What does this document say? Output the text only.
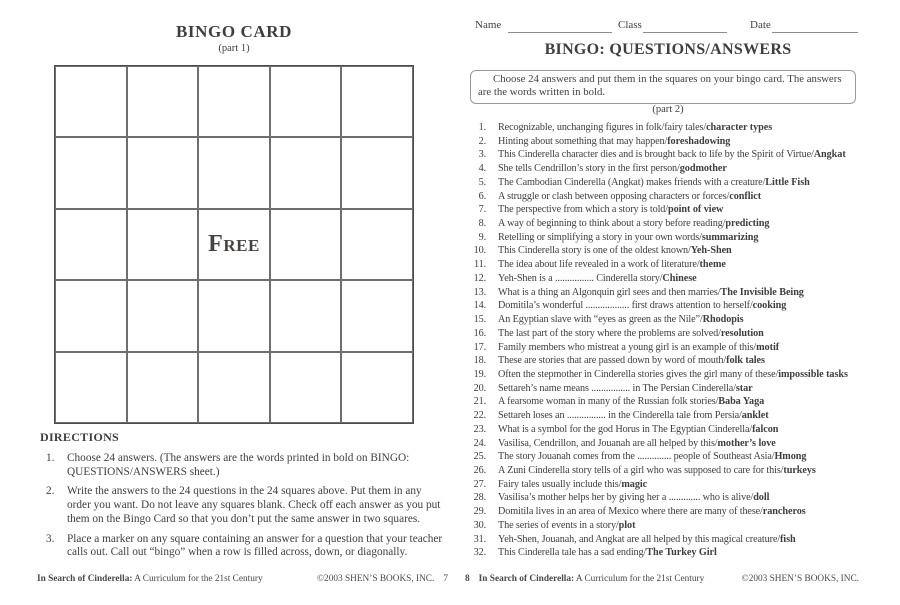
BINGO CARD
(part 1)
Free
DIRECTIONS
1.	Choose 24 answers. (The answers are the words printed in bold on BINGO: QUESTIONS/ANSWERS sheet.)
2.	Write the answers to the 24 questions in the 24 squares above. Put them in any order you want. Do not leave any squares blank. Check off each answer as you put them on the Bingo Card so that you don’t put the same answer in two squares.
3.	Place a marker on any square containing an answer for a question that your teacher calls out. Call out “bingo” when a row is filled across, down, or diagonally.
In Search of Cinderella: A Curriculum for the 21st Century	©2003 SHEN’S BOOKS, INC. 7
Name	Class	Date
BINGO: QUESTIONS/ANSWERS
Choose 24 answers and put them in the squares on your bingo card. The answers are the words written in bold.
(part 2)
1. Recognizable, unchanging figures in folk/fairy tales/character types
2. Hinting about something that may happen/foreshadowing
3. This Cinderella character dies and is brought back to life by the Spirit of Virtue/Angkat
4. She tells Cendrillon’s story in the first person/godmother
5. The Cambodian Cinderella (Angkat) makes friends with a creature/Little Fish
6. A struggle or clash between opposing characters or forces/conflict
7. The perspective from which a story is told/point of view
8. A way of beginning to think about a story before reading/predicting
9. Retelling or simplifying a story in your own words/summarizing
10. This Cinderella story is one of the oldest known/Yeh-Shen
11. The idea about life revealed in a work of literature/theme
12. Yeh-Shen is a ................ Cinderella story/Chinese
13. What is a thing an Algonquin girl sees and then marries/The Invisible Being
14. Domitila’s wonderful .................. first draws attention to herself/cooking
15. An Egyptian slave with “eyes as green as the Nile”/Rhodopis
16. The last part of the story where the problems are solved/resolution
17. Family members who mistreat a young girl is an example of this/motif
18. These are stories that are passed down by word of mouth/folk tales
19. Often the stepmother in Cinderella stories gives the girl many of these/impossible tasks
20. Settareh’s name means ................ in The Persian Cinderella/star
21. A fearsome woman in many of the Russian folk stories/Baba Yaga
22. Settareh loses an ................ in the Cinderella tale from Persia/anklet
23. What is a symbol for the god Horus in The Egyptian Cinderella/falcon
24. Vasilisa, Cendrillon, and Jouanah are all helped by this/mother’s love
25. The story Jouanah comes from the .............. people of Southeast Asia/Hmong
26. A Zuni Cinderella story tells of a girl who was supposed to care for this/turkeys
27. Fairy tales usually include this/magic
28. Vasilisa’s mother helps her by giving her a ............. who is alive/doll
29. Domitila lives in an area of Mexico where there are many of these/rancheros
30. The series of events in a story/plot
31. Yeh-Shen, Jouanah, and Angkat are all helped by this magical creature/fish
32. This Cinderella tale has a sad ending/The Turkey Girl
8 In Search of Cinderella: A Curriculum for the 21st Century	©2003 SHEN’S BOOKS, INC.
